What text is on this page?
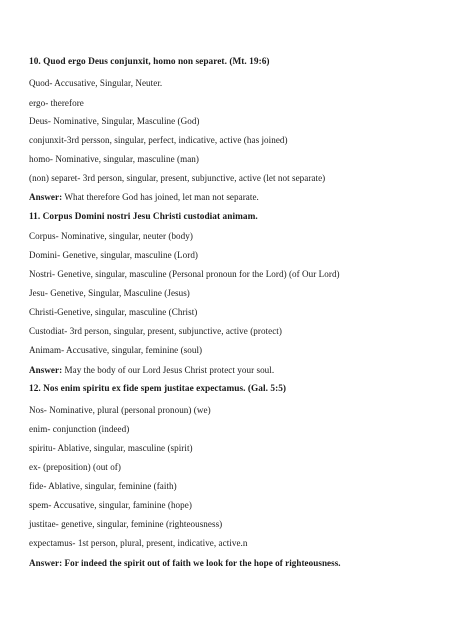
10. Quod ergo Deus conjunxit, homo non separet. (Mt. 19:6)
Quod- Accusative, Singular, Neuter.
ergo- therefore
Deus- Nominative, Singular, Masculine (God)
conjunxit-3rd persson, singular, perfect, indicative, active (has joined)
homo- Nominative, singular, masculine (man)
(non) separet- 3rd person, singular, present, subjunctive, active (let not separate)
Answer: What therefore God has joined, let man not separate.
11. Corpus Domini nostri Jesu Christi custodiat animam.
Corpus- Nominative, singular, neuter (body)
Domini- Genetive, singular, masculine (Lord)
Nostri- Genetive, singular, masculine (Personal pronoun for the Lord) (of Our Lord)
Jesu- Genetive, Singular, Masculine (Jesus)
Christi-Genetive, singular, masculine (Christ)
Custodiat- 3rd person, singular, present, subjunctive, active (protect)
Animam- Accusative, singular, feminine (soul)
Answer: May the body of our Lord Jesus Christ protect your soul.
12. Nos enim spiritu ex fide spem justitae expectamus. (Gal. 5:5)
Nos- Nominative, plural (personal pronoun) (we)
enim- conjunction (indeed)
spiritu- Ablative, singular, masculine (spirit)
ex- (preposition) (out of)
fide- Ablative, singular, feminine (faith)
spem- Accusative, singular, faminine (hope)
justitae- genetive, singular, feminine (righteousness)
expectamus- 1st person, plural, present, indicative, active.n
Answer: For indeed the spirit out of faith we look for the hope of righteousness.
